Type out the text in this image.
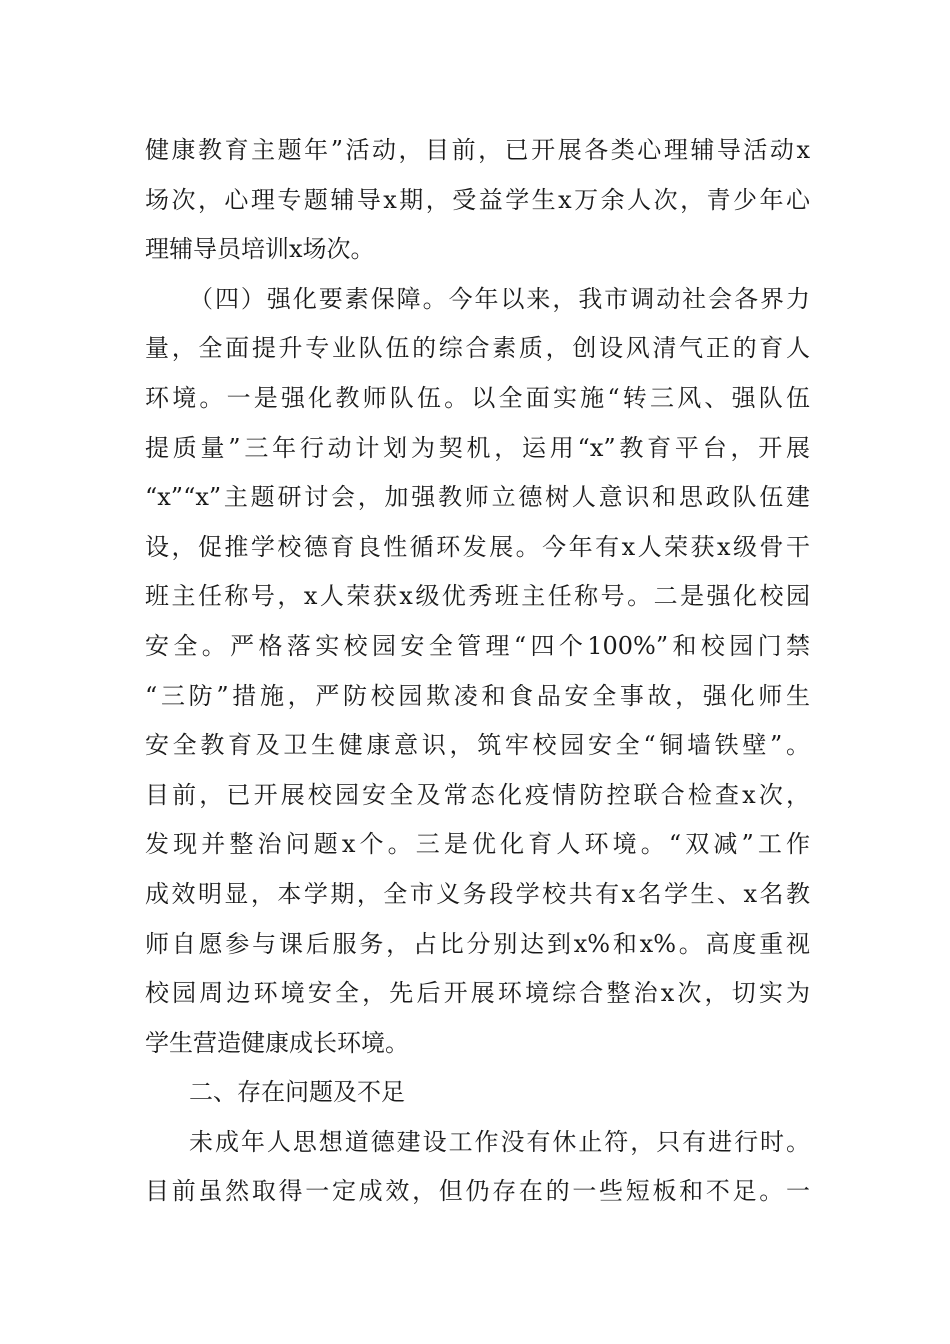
健康教育主题年”活动，目前，已开展各类心理辅导活动x
场次，心理专题辅导x期，受益学生x万余人次，青少年心
理辅导员培训x场次。
（四）强化要素保障。今年以来，我市调动社会各界力
量，全面提升专业队伍的综合素质，创设风清气正的育人
环境。一是强化教师队伍。以全面实施“转三风、强队伍
提质量”三年行动计划为契机，运用“x”教育平台，开展
“x”“x”主题研讨会，加强教师立德树人意识和思政队伍建
设，促推学校德育良性循环发展。今年有x人荣获x级骨干
班主任称号，x人荣获x级优秀班主任称号。二是强化校园
安全。严格落实校园安全管理“四个100%”和校园门禁
“三防”措施，严防校园欺凌和食品安全事故，强化师生
安全教育及卫生健康意识，筑牢校园安全“铜墙铁壁”。
目前，已开展校园安全及常态化疫情防控联合检查x次，
发现并整治问题x个。三是优化育人环境。“双减”工作
成效明显，本学期，全市义务段学校共有x名学生、x名教
师自愿参与课后服务，占比分别达到x%和x%。高度重视
校园周边环境安全，先后开展环境综合整治x次，切实为
学生营造健康成长环境。
二、存在问题及不足
未成年人思想道德建设工作没有休止符，只有进行时。
目前虽然取得一定成效，但仍存在的一些短板和不足。一
